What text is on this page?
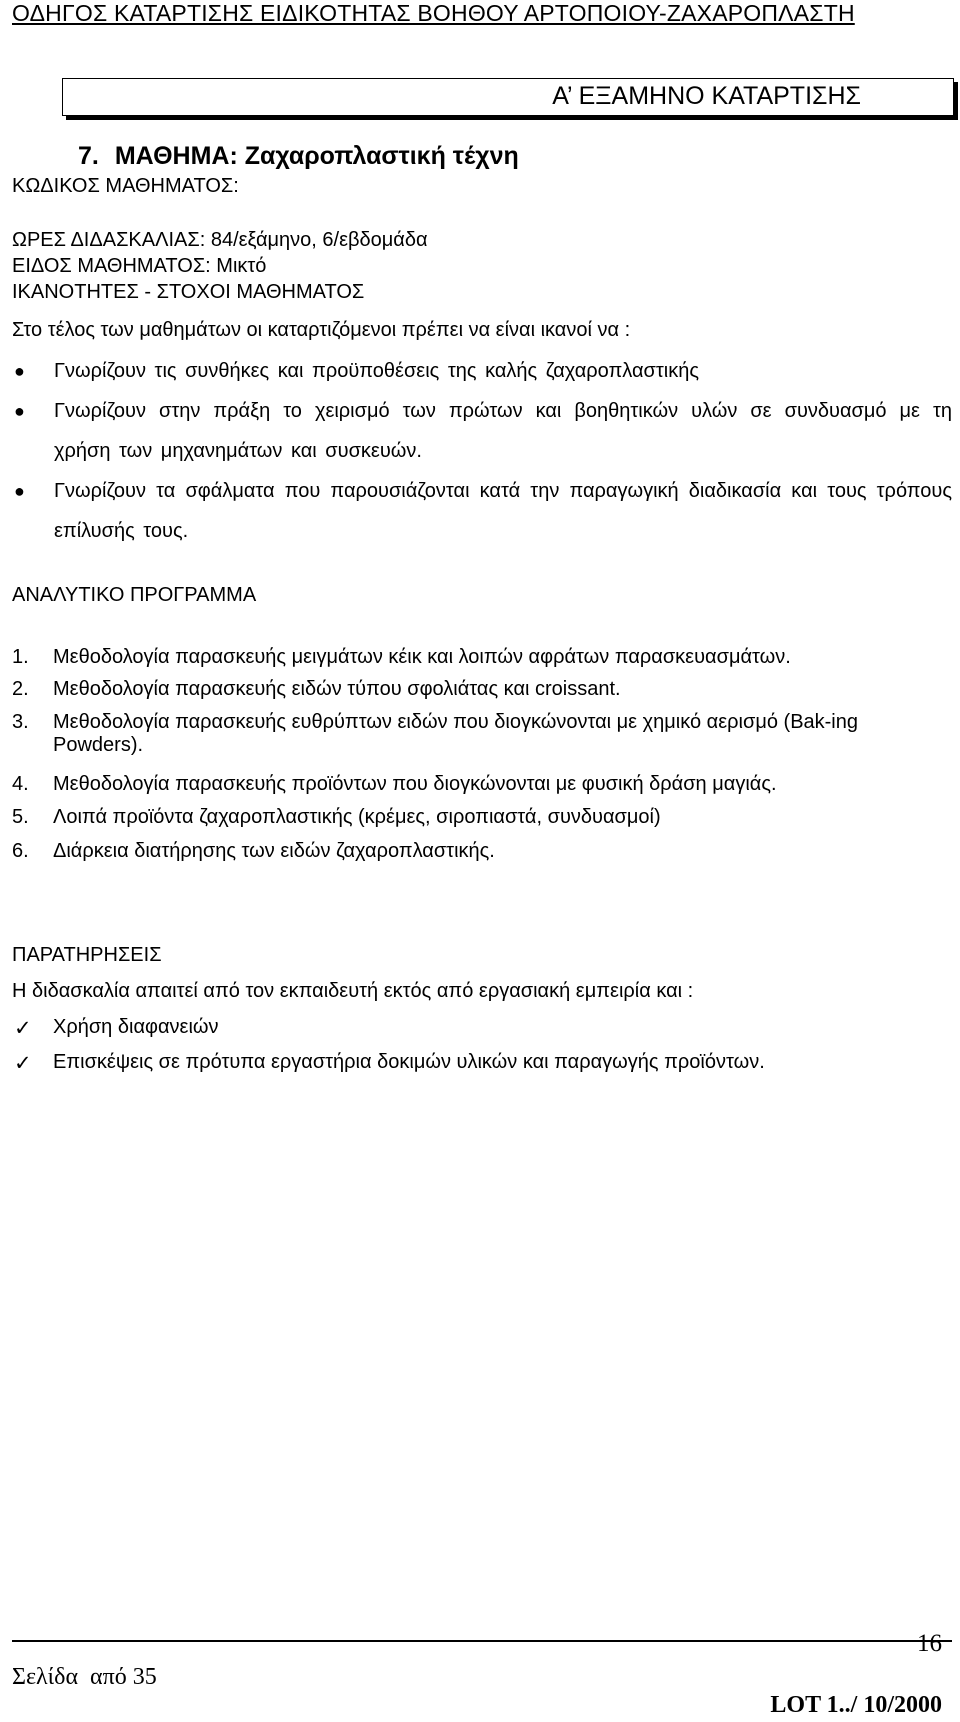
ΟΔΗΓΟΣ ΚΑΤΑΡΤΙΣΗΣ ΕΙΔΙΚΟΤΗΤΑΣ ΒΟΗΘΟΥ ΑΡΤΟΠΟΙΟΥ-ΖΑΧΑΡΟΠΛΑΣΤΗ
Α’ ΕΞΑΜΗΝΟ ΚΑΤΑΡΤΙΣΗΣ
7. ΜΑΘΗΜΑ: Ζαχαροπλαστική τέχνη
ΚΩΔΙΚΟΣ ΜΑΘΗΜΑΤΟΣ:
ΩΡΕΣ ΔΙΔΑΣΚΑΛΙΑΣ: 84/εξάμηνο, 6/εβδομάδα
ΕΙΔΟΣ ΜΑΘΗΜΑΤΟΣ: Μικτό
ΙΚΑΝΟΤΗΤΕΣ - ΣΤΟΧΟΙ ΜΑΘΗΜΑΤΟΣ
Στο τέλος των μαθημάτων οι καταρτιζόμενοι πρέπει να είναι ικανοί να :
● Γνωρίζουν τις συνθήκες και προϋποθέσεις της καλής ζαχαροπλαστικής
●	Γνωρίζουν στην πράξη το χειρισμό των πρώτων και βοηθητικών υλών σε συνδυασμό με τη χρήση των μηχανημάτων και συσκευών.
●	Γνωρίζουν τα σφάλματα που παρουσιάζονται κατά την παραγωγική διαδικασία και τους τρόπους επίλυσής τους.
ΑΝΑΛΥΤΙΚΟ ΠΡΟΓΡΑΜΜΑ
1. Μεθοδολογία παρασκευής μειγμάτων κέικ και λοιπών αφράτων παρασκευασμάτων.
2. Μεθοδολογία παρασκευής ειδών τύπου σφολιάτας και croissant.
3. Μεθοδολογία παρασκευής ευθρύπτων ειδών που διογκώνονται με χημικό αερισμό (Bak-ing Powders).
4. Μεθοδολογία παρασκευής προϊόντων που διογκώνονται με φυσική δράση μαγιάς.
5. Λοιπά προϊόντα ζαχαροπλαστικής (κρέμες, σιροπιαστά, συνδυασμοί)
6. Διάρκεια διατήρησης των ειδών ζαχαροπλαστικής.
ΠΑΡΑΤΗΡΗΣΕΙΣ
Η διδασκαλία απαιτεί από τον εκπαιδευτή εκτός από εργασιακή εμπειρία και :
✓ Χρήση διαφανειών
✓ Επισκέψεις σε πρότυπα εργαστήρια δοκιμών υλικών και παραγωγής προϊόντων.
16
Σελίδα  από 35
LOT 1../ 10/2000
